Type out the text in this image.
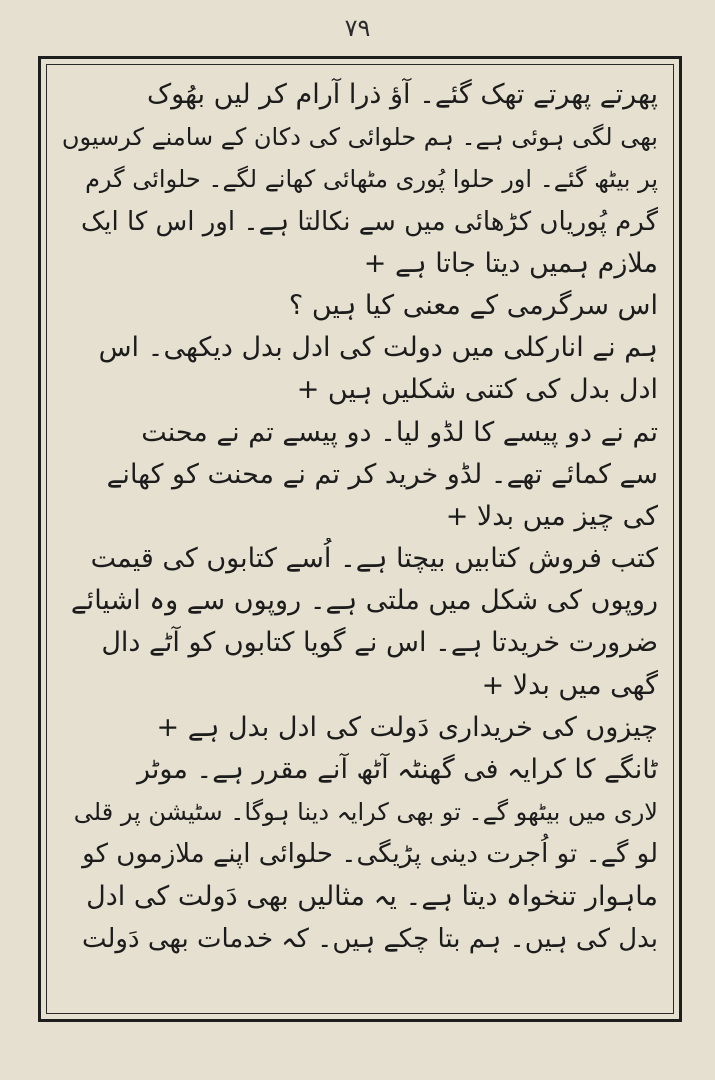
۷۹
پھرتے پھرتے تھک گئے۔ آؤ ذرا آرام کر لیں بھُوک
بھی لگی ہوئی ہے۔ ہم حلوائی کی دکان کے سامنے کرسیوں
پر بیٹھ گئے۔ اور حلوا پُوری مٹھائی کھانے لگے۔ حلوائی گرم
گرم پُوریاں کڑھائی میں سے نکالتا ہے۔ اور اس کا ایک
ملازم ہمیں دیتا جاتا ہے +
اس سرگرمی کے معنی کیا ہیں ؟
ہم نے انارکلی میں دولت کی ادل بدل دیکھی۔ اس
ادل بدل کی کتنی شکلیں ہیں +
تم نے دو پیسے کا لڈو لیا۔ دو پیسے تم نے محنت
سے کمائے تھے۔ لڈو خرید کر تم نے محنت کو کھانے
کی چیز میں بدلا +
کتب فروش کتابیں بیچتا ہے۔ اُسے کتابوں کی قیمت
روپوں کی شکل میں ملتی ہے۔ روپوں سے وہ اشیائے
ضرورت خریدتا ہے۔ اس نے گویا کتابوں کو آٹے دال
گھی میں بدلا +
چیزوں کی خریداری دَولت کی ادل بدل ہے +
ٹانگے کا کرایہ فی گھنٹہ آٹھ آنے مقرر ہے۔ موٹر
لاری میں بیٹھو گے۔ تو بھی کرایہ دینا ہوگا۔ سٹیشن پر قلی
لو گے۔ تو اُجرت دینی پڑیگی۔ حلوائی اپنے ملازموں کو
ماہوار تنخواہ دیتا ہے۔ یہ مثالیں بھی دَولت کی ادل
بدل کی ہیں۔ ہم بتا چکے ہیں۔ کہ خدمات بھی دَولت
